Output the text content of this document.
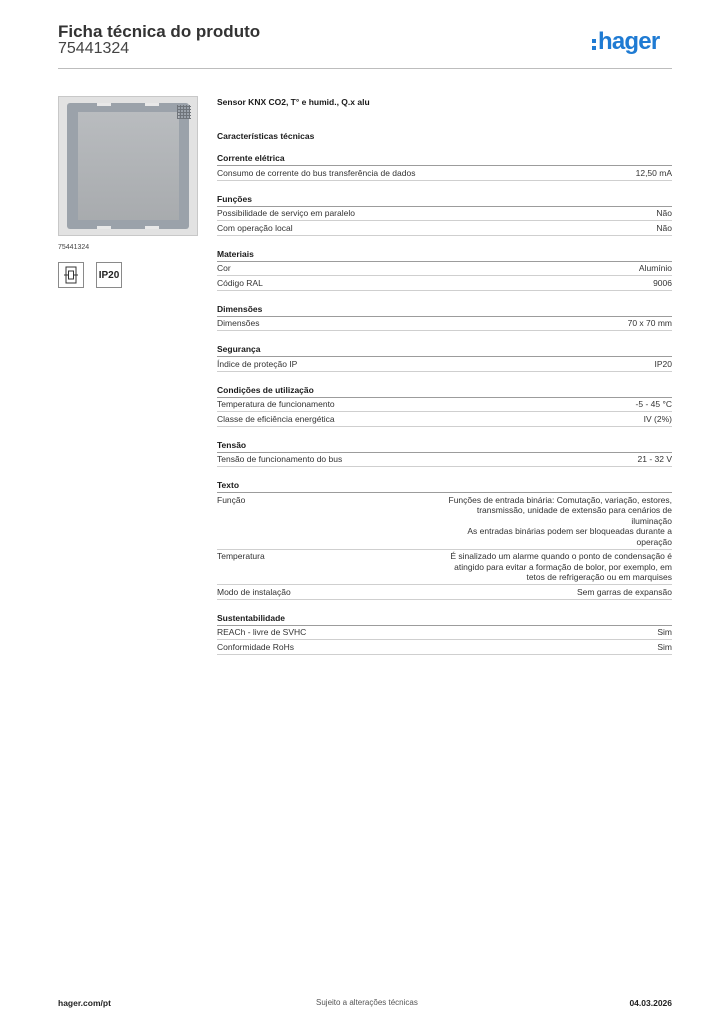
Ficha técnica do produto
75441324	hager
75441324
IP20
Sensor KNX CO2, T° e humid., Q.x alu
Características técnicas
Corrente elétrica
Consumo de corrente do bus transferência de dados	12,50 mA
Funções
Possibilidade de serviço em paralelo	Não
Com operação local	Não
Materiais
Cor	Alumínio
Código RAL	9006
Dimensões
Dimensões	70 x 70 mm
Segurança
Índice de proteção IP	IP20
Condições de utilização
Temperatura de funcionamento	-5 - 45 °C
Classe de eficiência energética	IV (2%)
Tensão
Tensão de funcionamento do bus	21 - 32 V
Texto
Função	Funções de entrada binária: Comutação, variação, estores, transmissão, unidade de extensão para cenários de iluminação
As entradas binárias podem ser bloqueadas durante a operação
Temperatura	É sinalizado um alarme quando o ponto de condensação é atingido para evitar a formação de bolor, por exemplo, em tetos de refrigeração ou em marquises
Modo de instalação	Sem garras de expansão
Sustentabilidade
REACh - livre de SVHC	Sim
Conformidade RoHs	Sim
hager.com/pt	Sujeito a alterações técnicas	04.03.2026
